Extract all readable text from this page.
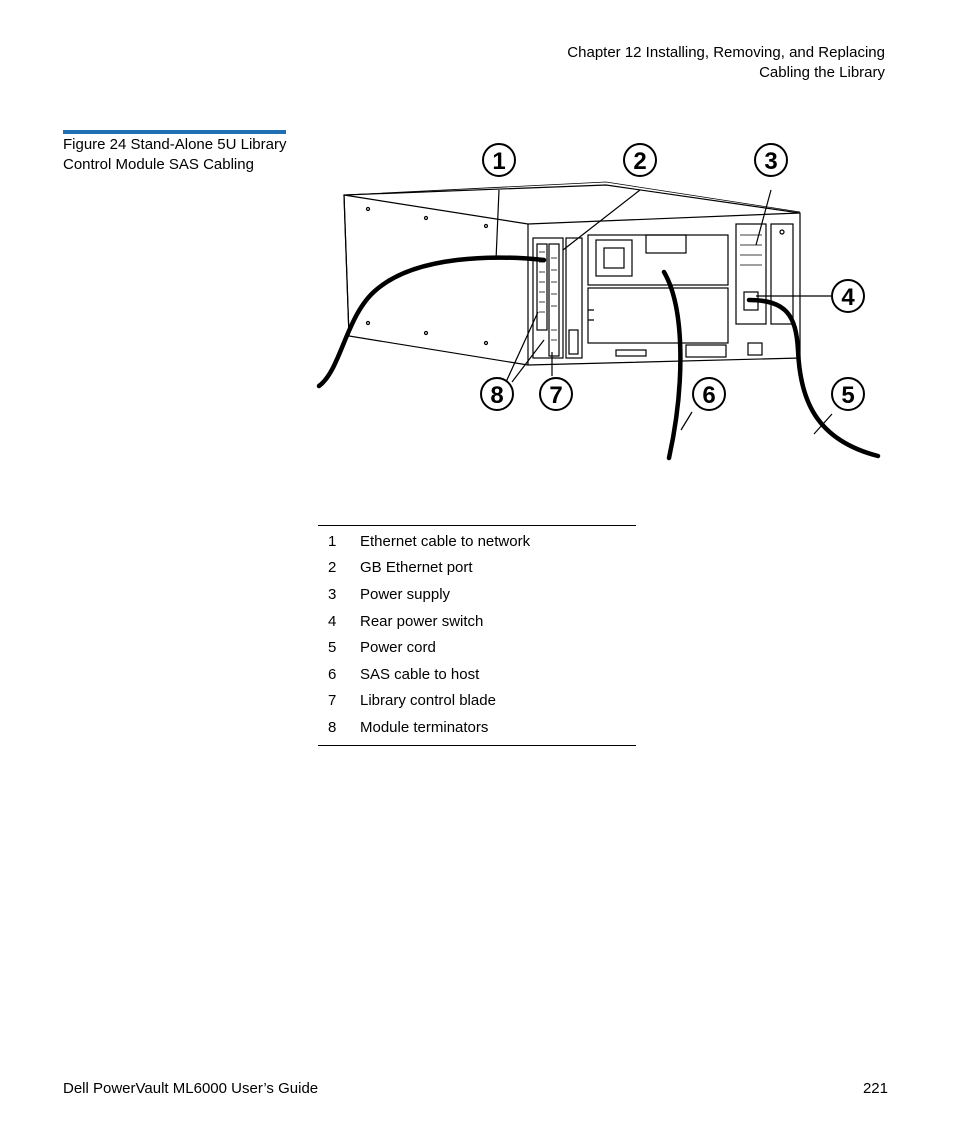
Chapter 12 Installing, Removing, and Replacing
Cabling the Library
Figure 24 Stand-Alone 5U Library Control Module SAS Cabling	1	2	3
4
5
6
7
8
1	Ethernet cable to network
2	GB Ethernet port
3	Power supply
4	Rear power switch
5	Power cord
6	SAS cable to host
7	Library control blade
8	Module terminators
Dell PowerVault ML6000 User’s Guide	221
